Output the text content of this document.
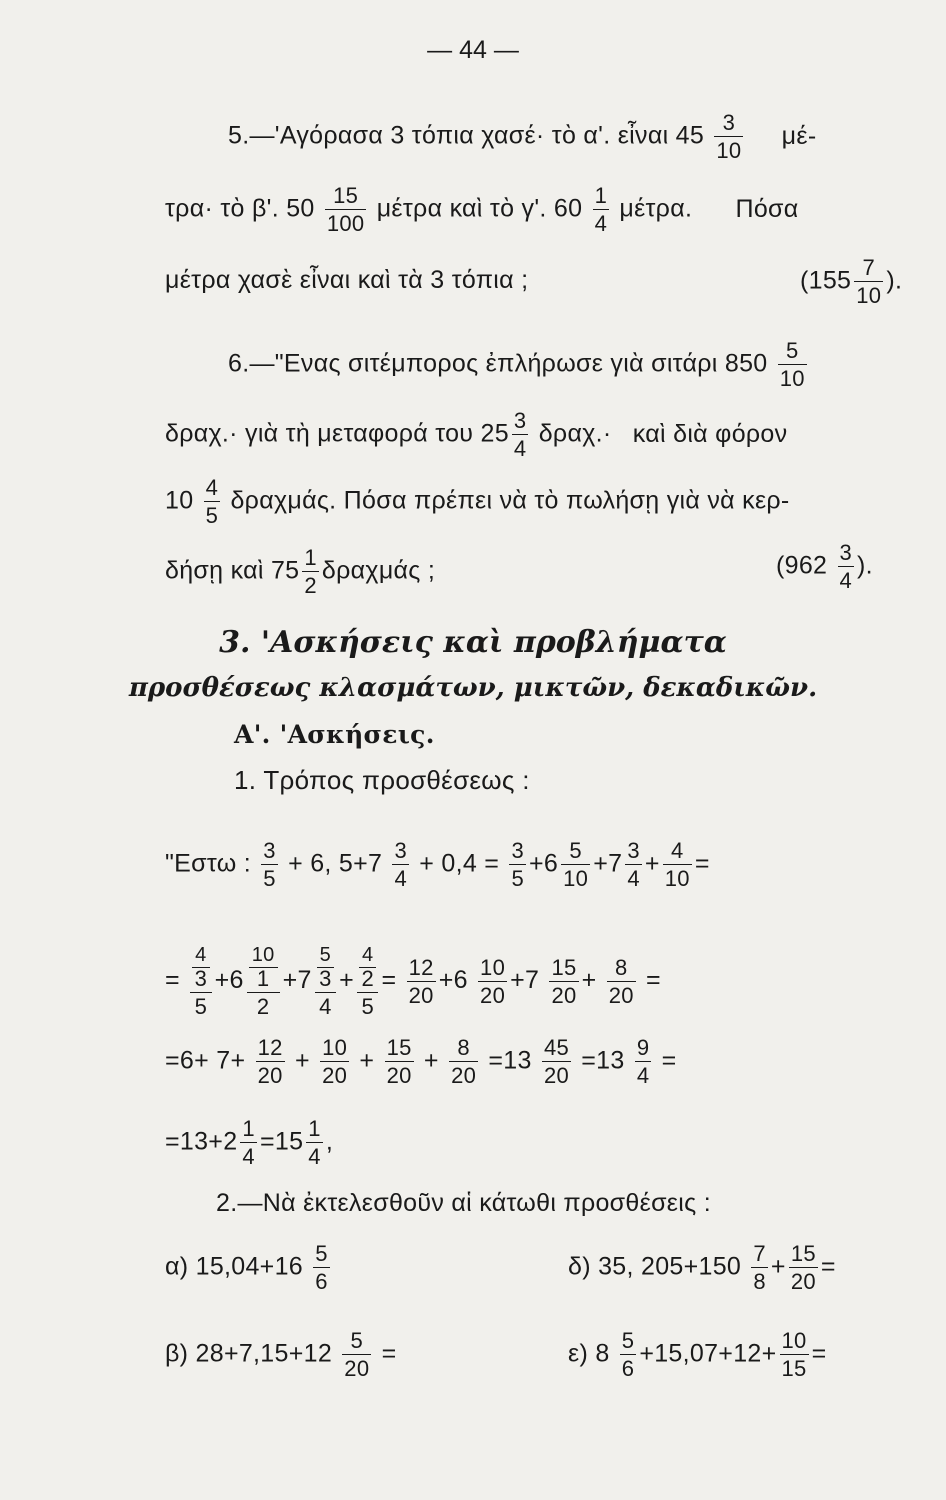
— 44 —
5.—'Αγόρασα 3 τόπια χασέ· τὸ α'. εἶναι $45 \frac{3}{10} \mu έ-$
τρα· τὸ β'. $50 \frac{15}{100}$ μέτρα καὶ τὸ γ'. $60 \frac{1}{4} \mu έ\tau\rho\alpha$. Πόσα
μέτρα χασὲ εἶναι καὶ τὰ 3 τόπια ;	($155 \frac{7}{10}$ ).
6.—"Ενας σιτέμπορος ἐπλήρωσε γιὰ σιτάρι $850 \frac{5}{10}$
δραχ.· γιὰ τὴ μεταφορά του $25 \frac{3}{4} \delta\rho\alpha\chi.\cdot$ καὶ διὰ φόρον
$10 \frac{4}{5} \delta\rho\alpha\chi\mu ά\varsigma$. Πόσα πρέπει νὰ τὸ πωλήσῃ γιὰ νὰ κερ-
δήσῃ καὶ $75 \frac{1}{2}$ δραχμάς ;	($962 \frac{3}{4}$ ).
3. 'Ασκήσεις καὶ προβλήματα
προσθέσεως κλασμάτων, μικτῶν, δεκαδικῶν.
Α'. 'Ασκήσεις.
1. Τρόπος προσθέσεως :
"Εστω : $\frac{3}{5} + 6$, $5+7 \frac{3}{4} + 0,4 = \frac{3}{5} +6 \frac{5}{10} +7 \frac{3}{4} + \frac{4}{10}$ =
=
4
3
5
+6
10
1
2
+7
5
3
4
+
4
2
5
= $\frac{12}{20} +6 \frac{10}{20} +7 \frac{15}{20} + \frac{8}{20}$ =
$=6+ 7+ \frac{12}{20} + \frac{10}{20} + \frac{15}{20} + \frac{8}{20} =13 \frac{45}{20} =13 \frac{9}{4}$ =
$=13+2 \frac{1}{4} =15 \frac{1}{4}$ ,
2.—Νὰ ἐκτελεσθοῦν αἱ κάτωθι προσθέσεις :
α) $15,04+16 \frac{5}{6}$	δ) 35, $205+150 \frac{7}{8} + \frac{15}{20}$ =
β) $28+7,15+12 \frac{5}{20}$ =	ε) $8 \frac{5}{6} +15,07+12+ \frac{10}{15}$ =
